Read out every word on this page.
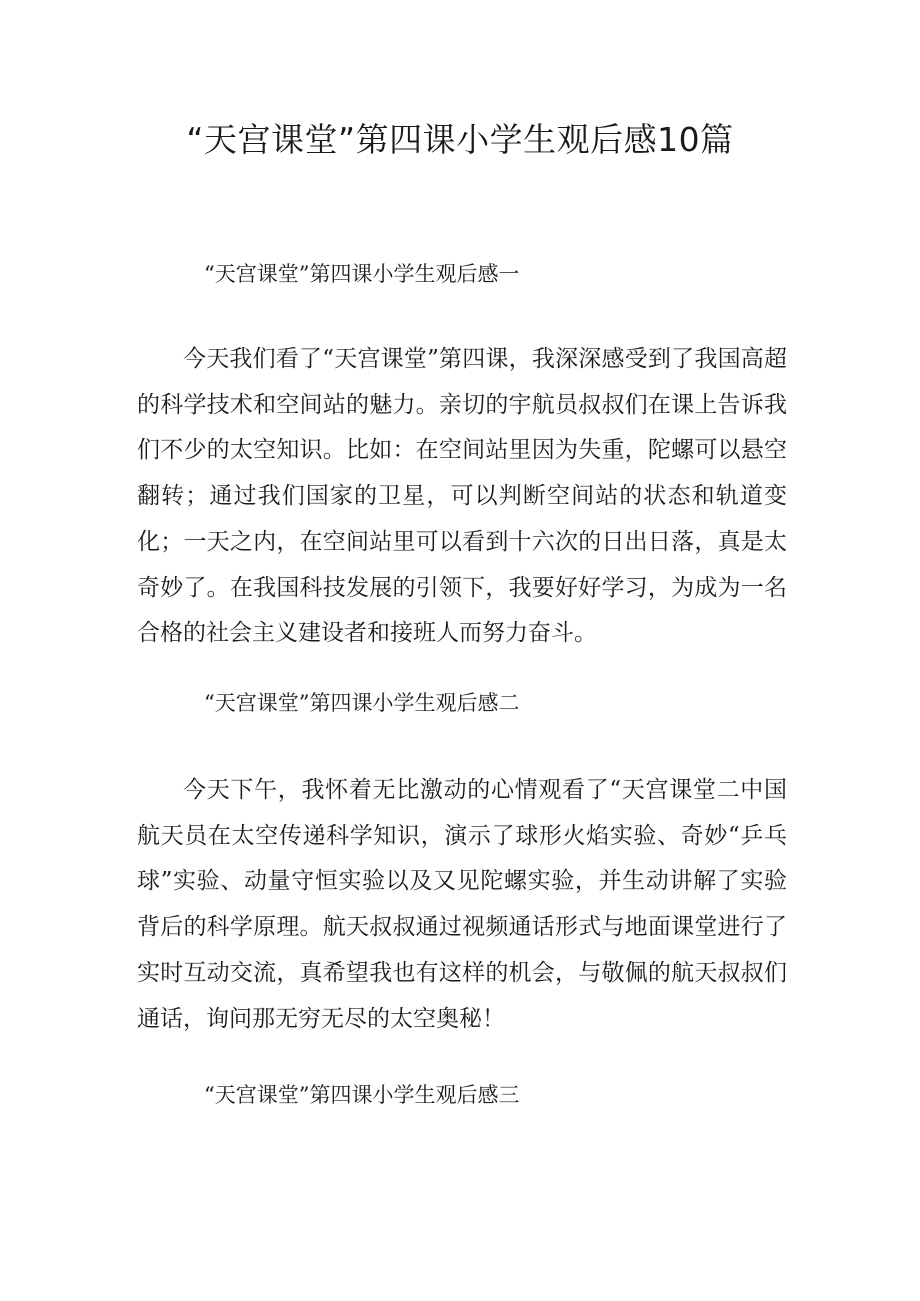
“天宫课堂”第四课小学生观后感10篇
“天宫课堂”第四课小学生观后感一

今天我们看了“天宫课堂”第四课，我深深感受到了我国高超的科学技术和空间站的魅力。亲切的宇航员叔叔们在课上告诉我们不少的太空知识。比如：在空间站里因为失重，陀螺可以悬空翻转；通过我们国家的卫星，可以判断空间站的状态和轨道变化；一天之内，在空间站里可以看到十六次的日出日落，真是太奇妙了。在我国科技发展的引领下，我要好好学习，为成为一名合格的社会主义建设者和接班人而努力奋斗。

“天宫课堂”第四课小学生观后感二

今天下午，我怀着无比激动的心情观看了“天宫课堂二中国航天员在太空传递科学知识，演示了球形火焰实验、奇妙“乒乓球”实验、动量守恒实验以及又见陀螺实验，并生动讲解了实验背后的科学原理。航天叔叔通过视频通话形式与地面课堂进行了实时互动交流，真希望我也有这样的机会，与敬佩的航天叔叔们通话，询问那无穷无尽的太空奥秘！

“天宫课堂”第四课小学生观后感三
